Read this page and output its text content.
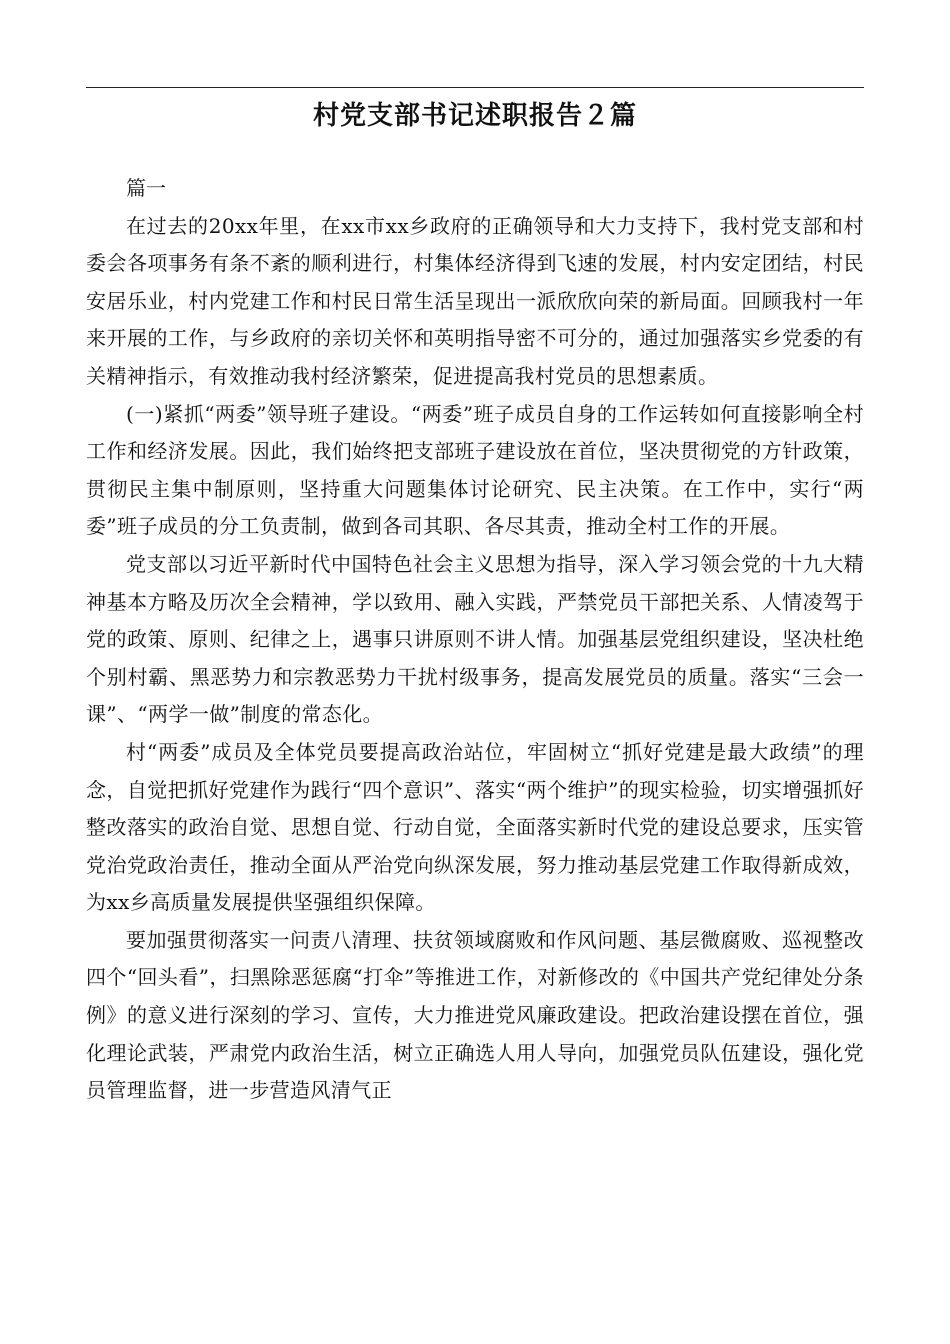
村党支部书记述职报告２篇

篇一

在过去的20xx年里，在xx市xx乡政府的正确领导和大力支持下，我村党支部和村委会各项事务有条不紊的顺利进行，村集体经济得到飞速的发展，村内安定团结，村民安居乐业，村内党建工作和村民日常生活呈现出一派欣欣向荣的新局面。回顾我村一年来开展的工作，与乡政府的亲切关怀和英明指导密不可分的，通过加强落实乡党委的有关精神指示，有效推动我村经济繁荣，促进提高我村党员的思想素质。

(一)紧抓“两委”领导班子建设。“两委”班子成员自身的工作运转如何直接影响全村工作和经济发展。因此，我们始终把支部班子建设放在首位，坚决贯彻党的方针政策，贯彻民主集中制原则，坚持重大问题集体讨论研究、民主决策。在工作中，实行“两委”班子成员的分工负责制，做到各司其职、各尽其责，推动全村工作的开展。

党支部以习近平新时代中国特色社会主义思想为指导，深入学习领会党的十九大精神基本方略及历次全会精神，学以致用、融入实践，严禁党员干部把关系、人情凌驾于党的政策、原则、纪律之上，遇事只讲原则不讲人情。加强基层党组织建设，坚决杜绝个别村霸、黑恶势力和宗教恶势力干扰村级事务，提高发展党员的质量。落实“三会一课”、“两学一做”制度的常态化。

村“两委”成员及全体党员要提高政治站位，牢固树立“抓好党建是最大政绩”的理念，自觉把抓好党建作为践行“四个意识”、落实“两个维护”的现实检验，切实增强抓好整改落实的政治自觉、思想自觉、行动自觉，全面落实新时代党的建设总要求，压实管党治党政治责任，推动全面从严治党向纵深发展，努力推动基层党建工作取得新成效，为xx乡高质量发展提供坚强组织保障。

要加强贯彻落实一问责八清理、扶贫领域腐败和作风问题、基层微腐败、巡视整改四个“回头看”，扫黑除恶惩腐“打伞”等推进工作，对新修改的《中国共产党纪律处分条例》的意义进行深刻的学习、宣传，大力推进党风廉政建设。把政治建设摆在首位，强化理论武装，严肃党内政治生活，树立正确选人用人导向，加强党员队伍建设，强化党员管理监督，进一步营造风清气正
